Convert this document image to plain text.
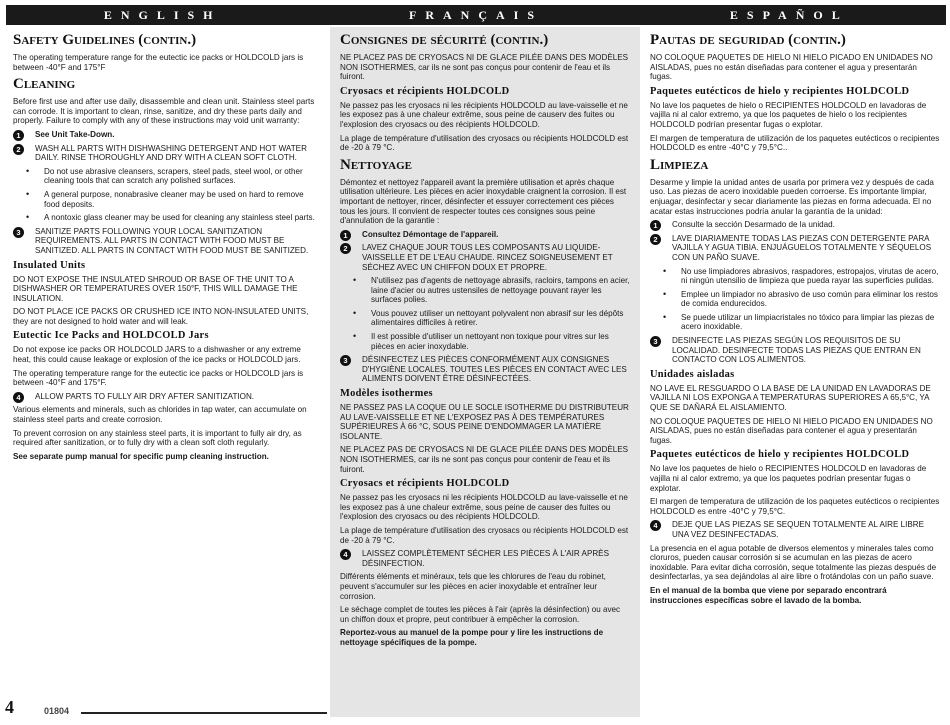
ENGLISH	FRANÇAIS	ESPAÑOL
Safety Guidelines (contin.)

The operating temperature range for the eutectic ice packs or HOLDCOLD jars is between -40°F and 175°F

Cleaning

Before first use and after use daily, disassemble and clean unit. Stainless steel parts can corrode. It is important to clean, rinse, sanitize, and dry these parts daily and properly. Failure to comply with any of these instructions may void unit warranty:

1	See Unit Take-Down.
2	WASH ALL PARTS WITH DISHWASHING DETERGENT AND HOT WATER DAILY. RINSE THOROUGHLY AND DRY WITH A CLEAN SOFT CLOTH.
• Do not use abrasive cleansers, scrapers, steel pads, steel wool, or other cleaning tools that can scratch any polished surfaces.
• A general purpose, nonabrasive cleaner may be used on hard to remove food deposits.
• A nontoxic glass cleaner may be used for cleaning any stainless steel parts.
3	SANITIZE PARTS FOLLOWING YOUR LOCAL SANITIZATION REQUIREMENTS. ALL PARTS IN CONTACT WITH FOOD MUST BE SANITIZED. ALL PARTS IN CONTACT WITH FOOD MUST BE SANITIZED.
Insulated Units

DO NOT EXPOSE THE INSULATED SHROUD OR BASE OF THE UNIT TO A DISHWASHER OR TEMPERATURES OVER 150°F, THIS WILL DAMAGE THE INSULATION.

DO NOT PLACE ICE PACKS OR CRUSHED ICE INTO NON-INSULATED UNITS, they are not designed to hold water and will leak.

Eutectic Ice Packs and HOLDCOLD Jars

Do not expose ice packs OR HOLDCOLD JARS to a dishwasher or any extreme heat, this could cause leakage or explosion of the ice packs or HOLDCOLD jars.

The operating temperature range for the eutectic ice packs or HOLDCOLD jars is between -40°F and 175°F.

4	ALLOW PARTS TO FULLY AIR DRY AFTER SANITIZATION.

Various elements and minerals, such as chlorides in tap water, can accumulate on stainless steel parts and create corrosion.

To prevent corrosion on any stainless steel parts, it is important to fully air dry, as required after sanitization, or to fully dry with a clean soft cloth regularly.

See separate pump manual for specific pump cleaning instruction.

Consignes de sécurité (contin.)

NE PLACEZ PAS DE CRYOSACS NI DE GLACE PILÉE DANS DES MODÈLES NON ISOTHERMES, car ils ne sont pas conçus pour contenir de l'eau et ils fuiront.

Cryosacs et récipients HOLDCOLD

Ne passez pas les cryosacs ni les récipients HOLDCOLD au lave-vaisselle et ne les exposez pas à une chaleur extrême, sous peine de causerv des fuites ou l'explosion des cryosacs ou des récipients HOLDCOLD.

La plage de température d'utilisation des cryosacs ou récipients HOLDCOLD est de -20 à 79 °C.

Nettoyage

Démontez et nettoyez l'appareil avant la première utilisation et après chaque utilisation ultérieure. Les pièces en acier inoxydable craignent la corrosion. Il est important de nettoyer, rincer, désinfecter et essuyer correctement ces pièces tous les jours. Il convient de respecter toutes ces consignes sous peine d'annulation de la garantie :

1	Consultez Démontage de l'appareil.
2	LAVEZ CHAQUE JOUR TOUS LES COMPOSANTS AU LIQUIDE-VAISSELLE ET DE L'EAU CHAUDE. RINCEZ SOIGNEUSEMENT ET SÉCHEZ AVEC UN CHIFFON DOUX ET PROPRE.
• N'utilisez pas d'agents de nettoyage abrasifs, racloirs, tampons en acier, laine d'acier ou autres ustensiles de nettoyage pouvant rayer les surfaces polies.
• Vous pouvez utiliser un nettoyant polyvalent non abrasif sur les dépôts alimentaires difficiles à retirer.
• Il est possible d'utiliser un nettoyant non toxique pour vitres sur les pièces en acier inoxydable.
3	DÉSINFECTEZ LES PIÈCES CONFORMÉMENT AUX CONSIGNES D'HYGIÈNE LOCALES. TOUTES LES PIÈCES EN CONTACT AVEC LES ALIMENTS DOIVENT ÊTRE DÉSINFECTÉES.
Modèles isothermes

NE PASSEZ PAS LA COQUE OU LE SOCLE ISOTHERME DU DISTRIBUTEUR AU LAVE-VAISSELLE ET NE L'EXPOSEZ PAS À DES TEMPÉRATURES SUPÉRIEURES À 66 °C, SOUS PEINE D'ENDOMMAGER LA MATIÈRE ISOLANTE.

NE PLACEZ PAS DE CRYOSACS NI DE GLACE PILÉE DANS DES MODÈLES NON ISOTHERMES, car ils ne sont pas conçus pour contenir de l'eau et ils fuiront.

Cryosacs et récipients HOLDCOLD

Ne passez pas les cryosacs ni les récipients HOLDCOLD au lave-vaisselle et ne les exposez pas à une chaleur extrême, sous peine de causer des fuites ou l'explosion des cryosacs ou des récipients HOLDCOLD.

La plage de température d'utilisation des cryosacs ou récipients HOLDCOLD est de -20 à 79 °C.

4	LAISSEZ COMPLÈTEMENT SÉCHER LES PIÈCES À L'AIR APRÈS DÉSINFECTION.

Différents éléments et minéraux, tels que les chlorures de l'eau du robinet, peuvent s'accumuler sur les pièces en acier inoxydable et entraîner leur corrosion.

Le séchage complet de toutes les pièces à l'air (après la désinfection) ou avec un chiffon doux et propre, peut contribuer à empêcher la corrosion.

Reportez-vous au manuel de la pompe pour y lire les instructions de nettoyage spécifiques de la pompe.

Pautas de seguridad (contin.)

NO COLOQUE PAQUETES DE HIELO NI HIELO PICADO EN UNIDADES NO AISLADAS, pues no están diseñadas para contener el agua y presentarán fugas.

Paquetes eutécticos de hielo y recipientes HOLDCOLD

No lave los paquetes de hielo o RECIPIENTES HOLDCOLD en lavadoras de vajilla ni al calor extremo, ya que los paquetes de hielo o los recipientes HOLDCOLD podrían presentar fugas o explotar.

El margen de temperatura de utilización de los paquetes eutécticos o recipientes HOLDCOLD es entre -40°C y 79,5°C..

Limpieza

Desarme y limpie la unidad antes de usarla por primera vez y después de cada uso. Las piezas de acero inoxidable pueden corroerse. Es importante limpiar, enjuagar, desinfectar y secar diariamente las piezas en forma adecuada. El no acatar estas instrucciones podría anular la garantía de la unidad:

1	Consulte la sección Desarmado de la unidad.
2	LAVE DIARIAMENTE TODAS LAS PIEZAS CON DETERGENTE PARA VAJILLA Y AGUA TIBIA. ENJUÁGUELOS TOTALMENTE Y SÉQUELOS CON UN PAÑO SUAVE.
• No use limpiadores abrasivos, raspadores, estropajos, virutas de acero, ni ningún utensilio de limpieza que pueda rayar las superficies pulidas.
• Emplee un limpiador no abrasivo de uso común para eliminar los restos de comida endurecidos.
• Se puede utilizar un limpiacristales no tóxico para limpiar las piezas de acero inoxidable.
3	DESINFECTE LAS PIEZAS SEGÚN LOS REQUISITOS DE SU LOCALIDAD. DESINFECTE TODAS LAS PIEZAS QUE ENTRAN EN CONTACTO CON LOS ALIMENTOS.
Unidades aisladas

NO LAVE EL RESGUARDO O LA BASE DE LA UNIDAD EN LAVADORAS DE VAJILLA NI LOS EXPONGA A TEMPERATURAS SUPERIORES A 65,5°C, YA QUE SE DAÑARÁ EL AISLAMIENTO.

NO COLOQUE PAQUETES DE HIELO NI HIELO PICADO EN UNIDADES NO AISLADAS, pues no están diseñadas para contener el agua y presentarán fugas.

Paquetes eutécticos de hielo y recipientes HOLDCOLD

No lave los paquetes de hielo o RECIPIENTES HOLDCOLD en lavadoras de vajilla ni al calor extremo, ya que los paquetes podrían presentar fugas o explotar.

El margen de temperatura de utilización de los paquetes eutécticos o recipientes HOLDCOLD es entre -40°C y 79,5°C.

4	DEJE QUE LAS PIEZAS SE SEQUEN TOTALMENTE AL AIRE LIBRE UNA VEZ DESINFECTADAS.

La presencia en el agua potable de diversos elementos y minerales tales como cloruros, pueden causar corrosión si se acumulan en las piezas de acero inoxidable. Para evitar dicha corrosión, seque totalmente las piezas después de desinfectarlas, ya sea dejándolas al aire libre o frotándolas con un paño suave.

En el manual de la bomba que viene por separado encontrará instrucciones específicas sobre el lavado de la bomba.

4	01804
